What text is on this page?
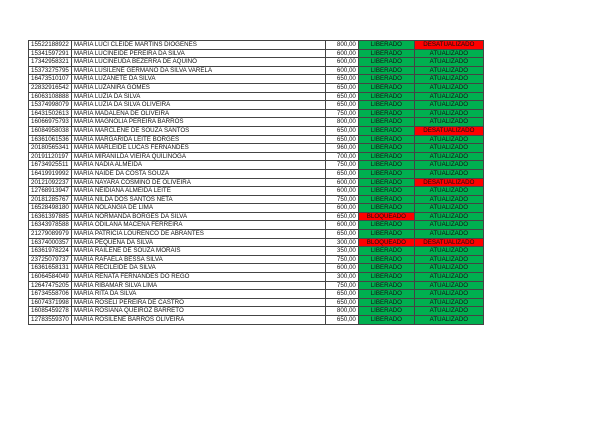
15522188922	MARIA LUCI CLEIDE MARTINS DIOGENES	800,00	LIBERADO	DESATUALIZADO
15341597291	MARIA LUCINEIDE PEREIRA DA SILVA	600,00	LIBERADO	ATUALIZADO
17342958321	MARIA LUCINEUDA BEZERRA DE AQUINO	600,00	LIBERADO	ATUALIZADO
15373275795	MARIA LUSILENE GERMANO DA SILVA VARELA	600,00	LIBERADO	ATUALIZADO
16473510107	MARIA LUZANETE DA SILVA	650,00	LIBERADO	ATUALIZADO
22832916542	MARIA LUZANIRA GOMES	650,00	LIBERADO	ATUALIZADO
16063108888	MARIA LUZIA DA SILVA	650,00	LIBERADO	ATUALIZADO
15374998079	MARIA LUZIA DA SILVA OLIVEIRA	650,00	LIBERADO	ATUALIZADO
16431502613	MARIA MADALENA DE OLIVEIRA	750,00	LIBERADO	ATUALIZADO
16066975793	MARIA MAGNOLIA PEREIRA BARROS	800,00	LIBERADO	ATUALIZADO
16084958038	MARIA MARCLENE DE SOUZA SANTOS	650,00	LIBERADO	DESATUALIZADO
16361061536	MARIA MARGARIDA LEITE BORGES	650,00	LIBERADO	ATUALIZADO
20180565341	MARIA MARLEIDE LUCAS FERNANDES	960,00	LIBERADO	ATUALIZADO
20191120197	MARIA MIRANILDA VIEIRA QUILINOGA	700,00	LIBERADO	ATUALIZADO
16734925511	MARIA NADIA ALMEIDA	750,00	LIBERADO	ATUALIZADO
16419919992	MARIA NAIDE DA COSTA SOUZA	650,00	LIBERADO	ATUALIZADO
20121092237	MARIA NAYARA COSMINO DE OLIVEIRA	600,00	LIBERADO	DESATUALIZADO
12768913947	MARIA NEIDIANA ALMEIDA LEITE	600,00	LIBERADO	ATUALIZADO
20181285767	MARIA NILDA DOS SANTOS NETA	750,00	LIBERADO	ATUALIZADO
16528498180	MARIA NOLANGIA DE LIMA	600,00	LIBERADO	ATUALIZADO
16361397885	MARIA NORMANDA BORGES DA SILVA	650,00	BLOQUEADO	ATUALIZADO
16343978588	MARIA ODILANA MACENA FERREIRA	600,00	LIBERADO	ATUALIZADO
21279089979	MARIA PATRICIA LOURENCO DE ABRANTES	650,00	LIBERADO	ATUALIZADO
16374000357	MARIA PEQUENA DA SILVA	300,00	BLOQUEADO	DESATUALIZADO
16361978224	MARIA RAILENE DE SOUZA MORAIS	350,00	LIBERADO	ATUALIZADO
23725079737	MARIA RAFAELA BESSA SILVA	750,00	LIBERADO	ATUALIZADO
16361658131	MARIA RECILEIDE DA SILVA	600,00	LIBERADO	ATUALIZADO
16064584049	MARIA RENATA FERNANDES DO REGO	300,00	LIBERADO	ATUALIZADO
12647475205	MARIA RIBAMAR SILVA LIMA	750,00	LIBERADO	ATUALIZADO
16734558706	MARIA RITA DA SILVA	650,00	LIBERADO	ATUALIZADO
16074371998	MARIA ROSELI PEREIRA DE CASTRO	650,00	LIBERADO	ATUALIZADO
16085459278	MARIA ROSIANA QUEIROZ BARRETO	800,00	LIBERADO	ATUALIZADO
12783559370	MARIA ROSILENE BARROS OLIVEIRA	650,00	LIBERADO	ATUALIZADO
